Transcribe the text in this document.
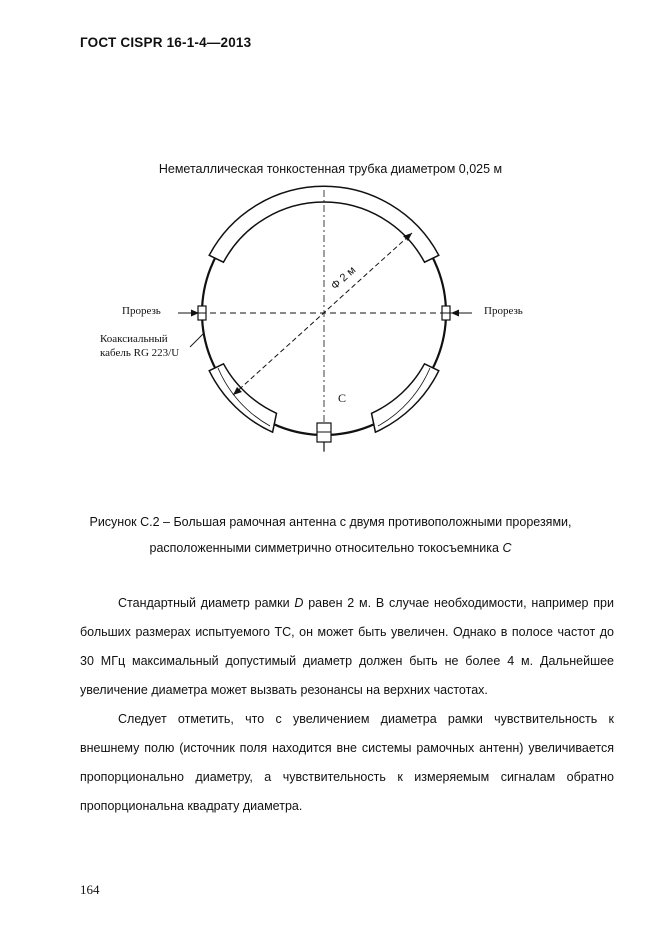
ГОСТ CISPR 16-1-4—2013
Неметаллическая тонкостенная трубка диаметром 0,025 м
Φ 2 м
Прорезь	Прорезь
Коаксиальный
кабель RG 223/U
C
Рисунок С.2 – Большая рамочная антенна с двумя противоположными прорезями,
расположенными симметрично относительно токосъемника С

Стандартный диаметр рамки D равен 2 м. В случае необходимости, например при больших размерах испытуемого ТС, он может быть увеличен. Однако в полосе частот до 30 МГц максимальный допустимый диаметр должен быть не более 4 м. Дальнейшее увеличение диаметра может вызвать резонансы на верхних частотах.

Следует отметить, что с увеличением диаметра рамки чувствительность к внешнему полю (источник поля находится вне системы рамочных антенн) увеличивается пропорционально диаметру, а чувствительность к измеряемым сигналам обратно пропорциональна квадрату диаметра.

164
